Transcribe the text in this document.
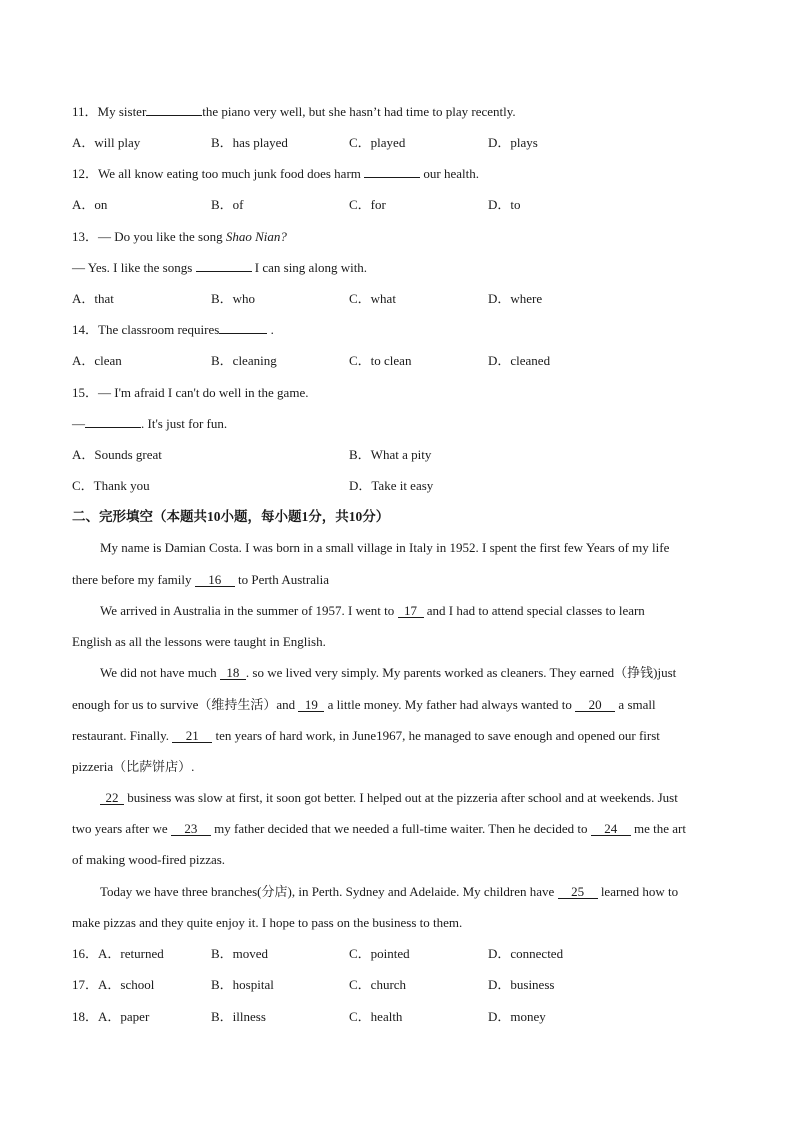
11．My sister	the piano very well, but she hasn’t had time to play recently.
A．will play	B．has played	C．played	D．plays
12．We all know eating too much junk food does harm	our health.
A．on	B．of	C．for	D．to
13．— Do you like the song Shao Nian?
— Yes. I like the songs	I can sing along with.
A．that	B．who	C．what	D．where
14．The classroom requires	.
A．clean	B．cleaning	C．to clean	D．cleaned
15．— I'm afraid I can't do well in the game.
—	. It's just for fun.
A．Sounds great	B．What a pity
C．Thank you	D．Take it easy
二、完形填空（本题共10小题，每小题1分，共10分）
My name is Damian Costa. I was born in a small village in Italy in 1952. I spent the first few Years of my life
there before my family 16 to Perth Australia
We arrived in Australia in the summer of 1957. I went to 17 and I had to attend special classes to learn
English as all the lessons were taught in English.
We did not have much 18 . so we lived very simply. My parents worked as cleaners. They earned（挣钱)just
enough for us to survive（维持生活）and 19 a little money. My father had always wanted to 20 a small
restaurant. Finally. 21 ten years of hard work, in June1967, he managed to save enough and opened our first
pizzeria（比萨饼店）.
22 business was slow at first, it soon got better. I helped out at the pizzeria after school and at weekends. Just
two years after we 23 my father decided that we needed a full-time waiter. Then he decided to 24 me the art
of making wood-fired pizzas.
Today we have three branches(分店), in Perth. Sydney and Adelaide. My children have 25 learned how to
make pizzas and they quite enjoy it. I hope to pass on the business to them.
16．A．returned	B．moved	C．pointed	D．connected
17．A．school	B．hospital	C．church	D．business
18．A．paper	B．illness	C．health	D．money
